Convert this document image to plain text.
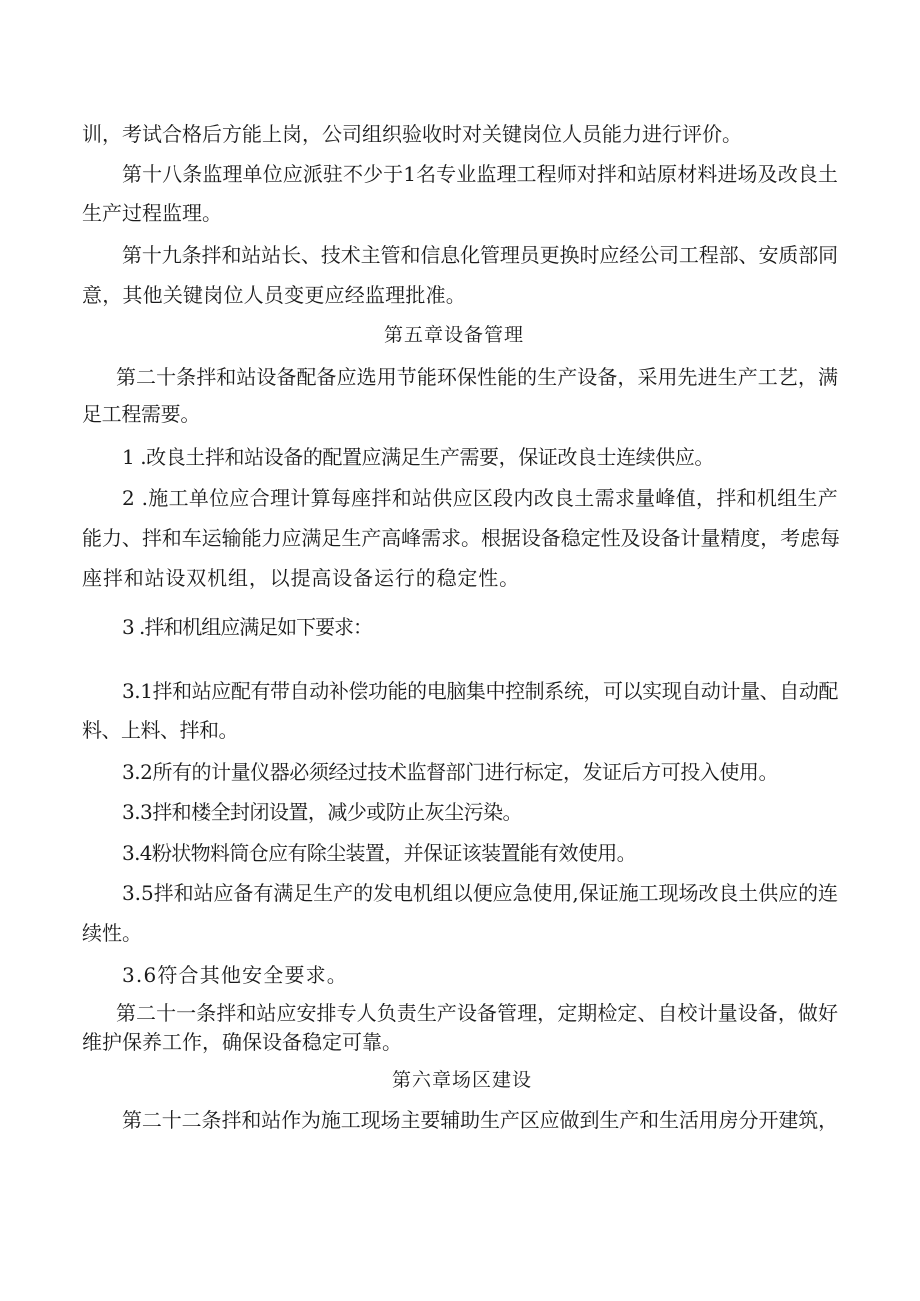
训，考试合格后方能上岗，公司组织验收时对关键岗位人员能力进行评价。
第十八条监理单位应派驻不少于1名专业监理工程师对拌和站原材料进场及改良土
生产过程监理。
第十九条拌和站站长、技术主管和信息化管理员更换时应经公司工程部、安质部同
意，其他关键岗位人员变更应经监理批准。
第五章设备管理
第二十条拌和站设备配备应选用节能环保性能的生产设备，采用先进生产工艺，满
足工程需要。
1 .改良土拌和站设备的配置应满足生产需要，保证改良士连续供应。
2 .施工单位应合理计算每座拌和站供应区段内改良土需求量峰值，拌和机组生产
能力、拌和车运输能力应满足生产高峰需求。根据设备稳定性及设备计量精度，考虑每
座拌和站设双机组，以提高设备运行的稳定性。
3 .拌和机组应满足如下要求：
3.1拌和站应配有带自动补偿功能的电脑集中控制系统，可以实现自动计量、自动配
料、上料、拌和。
3.2所有的计量仪器必须经过技术监督部门进行标定，发证后方可投入使用。
3.3拌和楼全封闭设置，减少或防止灰尘污染。
3.4粉状物料筒仓应有除尘装置，并保证该装置能有效使用。
3.5拌和站应备有满足生产的发电机组以便应急使用,保证施工现场改良土供应的连
续性。
3.6符合其他安全要求。
第二十一条拌和站应安排专人负责生产设备管理，定期检定、自校计量设备，做好
维护保养工作，确保设备稳定可靠。
第六章场区建设
第二十二条拌和站作为施工现场主要辅助生产区应做到生产和生活用房分开建筑，
